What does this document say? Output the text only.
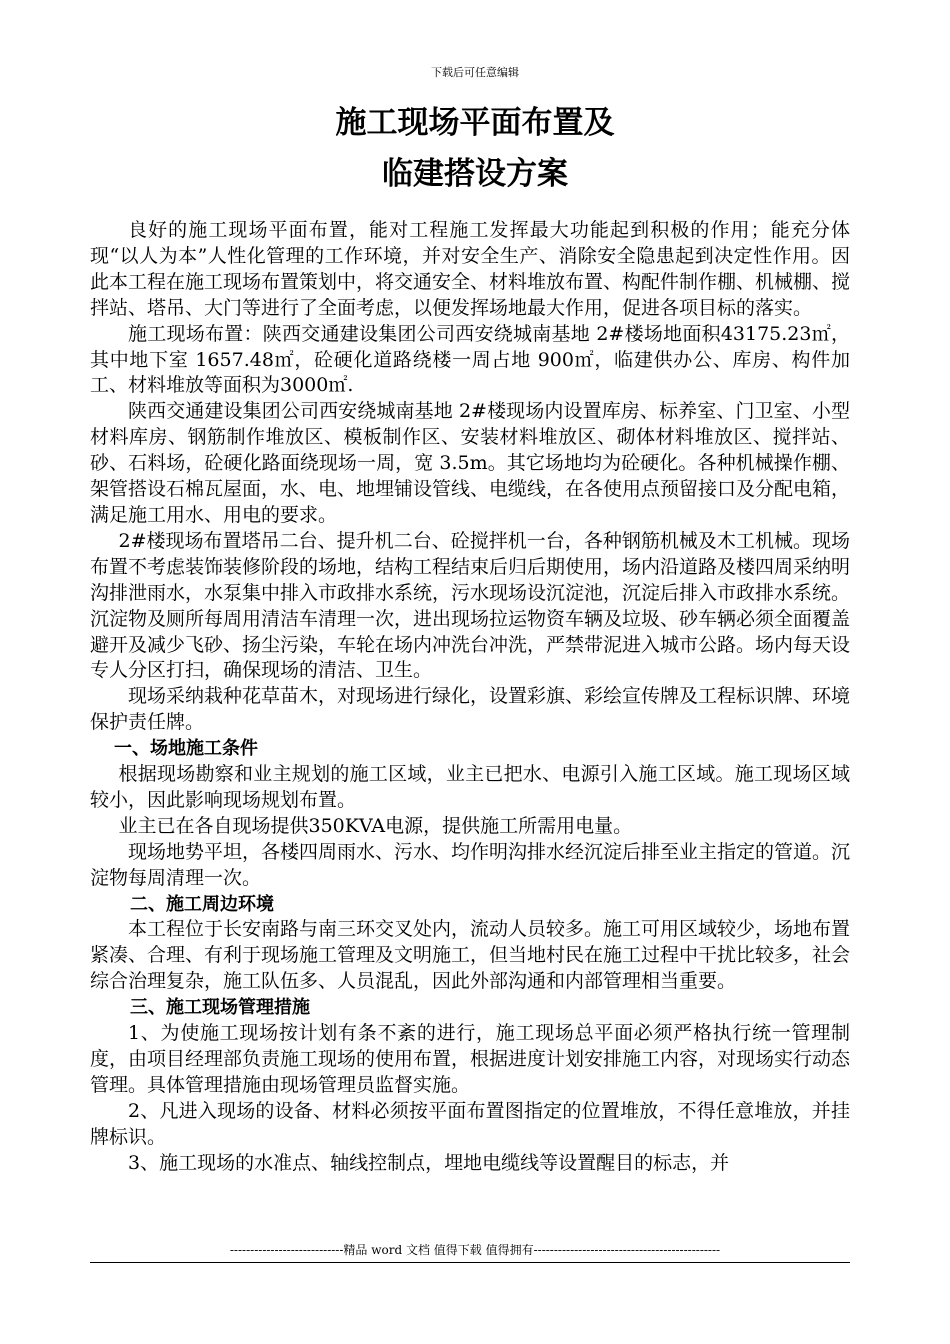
下载后可任意编辑
施工现场平面布置及
临建搭设方案

良好的施工现场平面布置，能对工程施工发挥最大功能起到积极的作用；能充分体现“以人为本”人性化管理的工作环境，并对安全生产、消除安全隐患起到决定性作用。因此本工程在施工现场布置策划中，将交通安全、材料堆放布置、构配件制作棚、机械棚、搅拌站、塔吊、大门等进行了全面考虑，以便发挥场地最大作用，促进各项目标的落实。

施工现场布置：陕西交通建设集团公司西安绕城南基地 2#楼场地面积43175.23㎡，其中地下室 1657.48㎡，砼硬化道路绕楼一周占地 900㎡，临建供办公、库房、构件加工、材料堆放等面积为3000㎡.

陕西交通建设集团公司西安绕城南基地 2#楼现场内设置库房、标养室、门卫室、小型材料库房、钢筋制作堆放区、模板制作区、安装材料堆放区、砌体材料堆放区、搅拌站、砂、石料场，砼硬化路面绕现场一周，宽 3.5m。其它场地均为砼硬化。各种机械操作棚、架管搭设石棉瓦屋面，水、电、地埋铺设管线、电缆线，在各使用点预留接口及分配电箱，满足施工用水、用电的要求。

2#楼现场布置塔吊二台、提升机二台、砼搅拌机一台，各种钢筋机械及木工机械。现场布置不考虑装饰装修阶段的场地，结构工程结束后归后期使用，场内沿道路及楼四周采纳明沟排泄雨水，水泵集中排入市政排水系统，污水现场设沉淀池，沉淀后排入市政排水系统。沉淀物及厕所每周用清洁车清理一次，进出现场拉运物资车辆及垃圾、砂车辆必须全面覆盖避开及减少飞砂、扬尘污染，车轮在场内冲洗台冲洗，严禁带泥进入城市公路。场内每天设专人分区打扫，确保现场的清洁、卫生。

现场采纳栽种花草苗木，对现场进行绿化，设置彩旗、彩绘宣传牌及工程标识牌、环境保护责任牌。

一、场地施工条件

根据现场勘察和业主规划的施工区域，业主已把水、电源引入施工区域。施工现场区域较小，因此影响现场规划布置。

业主已在各自现场提供350KVA电源，提供施工所需用电量。

现场地势平坦，各楼四周雨水、污水、均作明沟排水经沉淀后排至业主指定的管道。沉淀物每周清理一次。

二、施工周边环境

本工程位于长安南路与南三环交叉处内，流动人员较多。施工可用区域较少，场地布置紧凑、合理、有利于现场施工管理及文明施工，但当地村民在施工过程中干扰比较多，社会综合治理复杂，施工队伍多、人员混乱，因此外部沟通和内部管理相当重要。

三、施工现场管理措施

1、为使施工现场按计划有条不紊的进行，施工现场总平面必须严格执行统一管理制度，由项目经理部负责施工现场的使用布置，根据进度计划安排施工内容，对现场实行动态管理。具体管理措施由现场管理员监督实施。

2、凡进入现场的设备、材料必须按平面布置图指定的位置堆放，不得任意堆放，并挂牌标识。

3、施工现场的水准点、轴线控制点，埋地电缆线等设置醒目的标志，并

----------------------------精品 word 文档 值得下载 值得拥有----------------------------------------------
